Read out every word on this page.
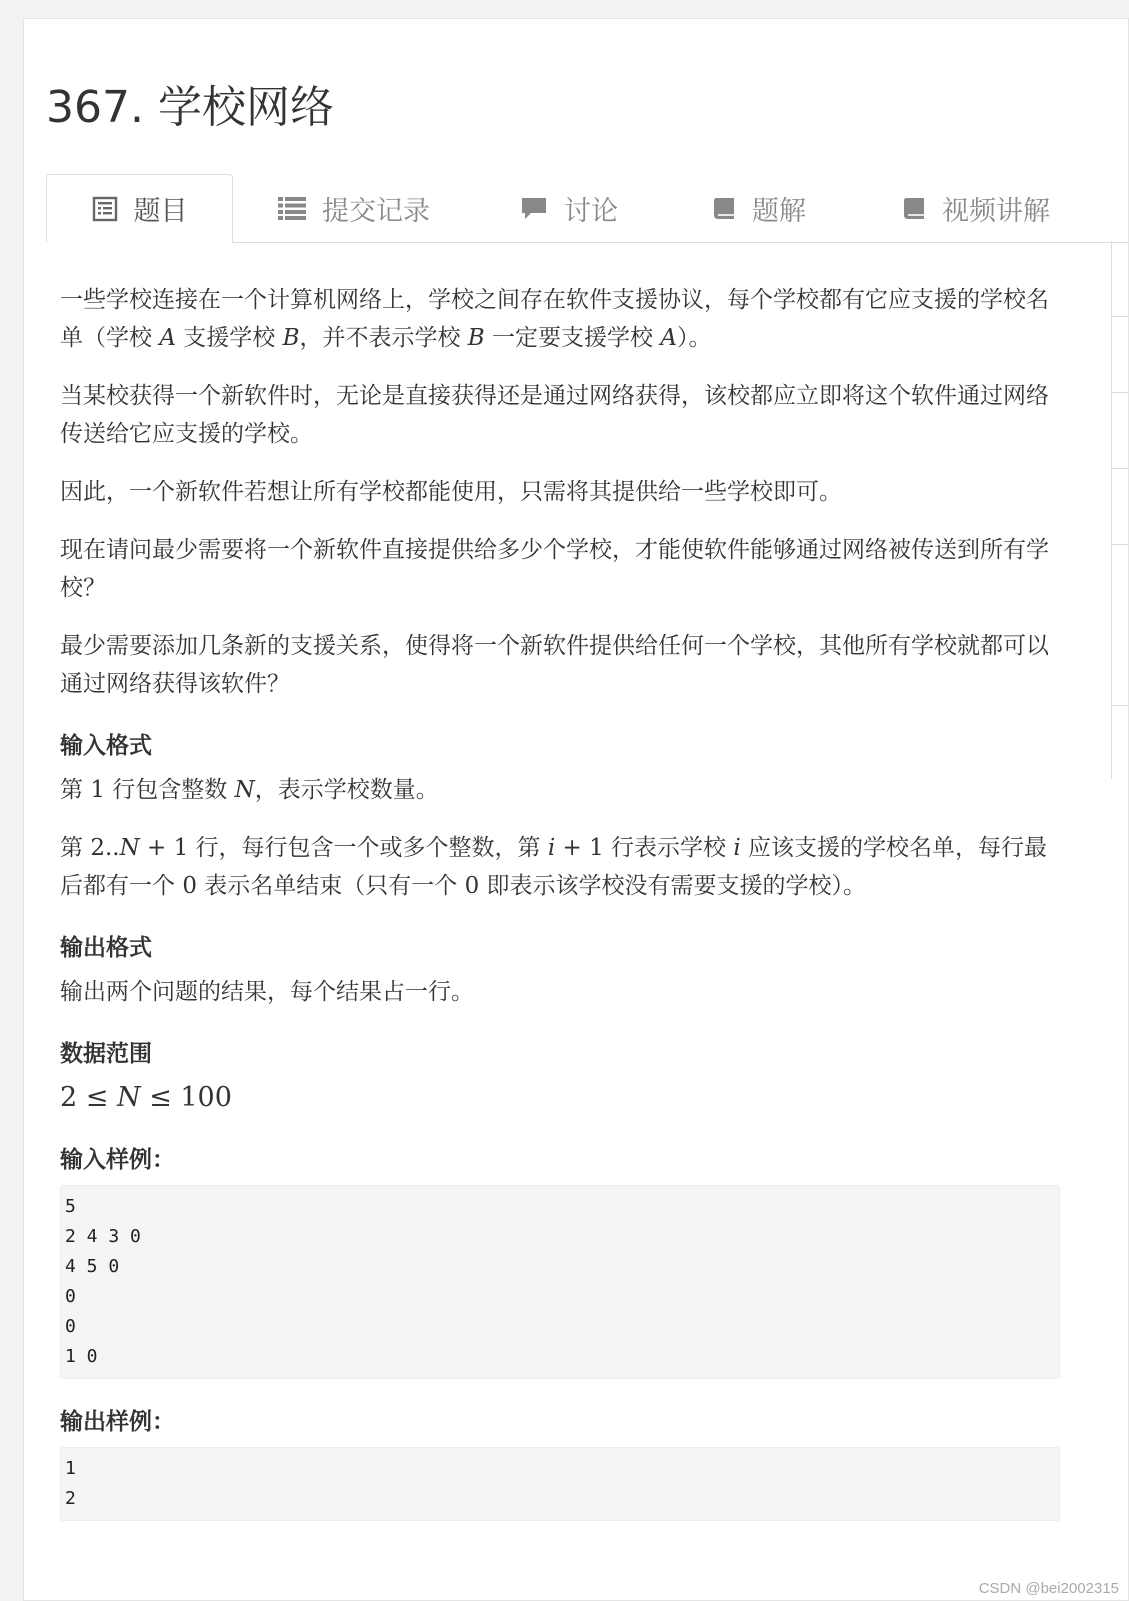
367. 学校网络
题目	提交记录	讨论	题解	视频讲解

一些学校连接在一个计算机网络上，学校之间存在软件支援协议，每个学校都有它应支援的学校名单（学校 A 支援学校 B，并不表示学校 B 一定要支援学校 A）。

当某校获得一个新软件时，无论是直接获得还是通过网络获得，该校都应立即将这个软件通过网络传送给它应支援的学校。

因此，一个新软件若想让所有学校都能使用，只需将其提供给一些学校即可。

现在请问最少需要将一个新软件直接提供给多少个学校，才能使软件能够通过网络被传送到所有学校？

最少需要添加几条新的支援关系，使得将一个新软件提供给任何一个学校，其他所有学校就都可以通过网络获得该软件？

输入格式

第 1 行包含整数 N，表示学校数量。

第 2..N + 1 行，每行包含一个或多个整数，第 i + 1 行表示学校 i 应该支援的学校名单，每行最后都有一个 0 表示名单结束（只有一个 0 即表示该学校没有需要支援的学校）。

输出格式

输出两个问题的结果，每个结果占一行。

数据范围

2 ≤ N ≤ 100

输入样例：
5
2 4 3 0
4 5 0
0
0
1 0
输出样例：
1
2
CSDN @bei2002315
